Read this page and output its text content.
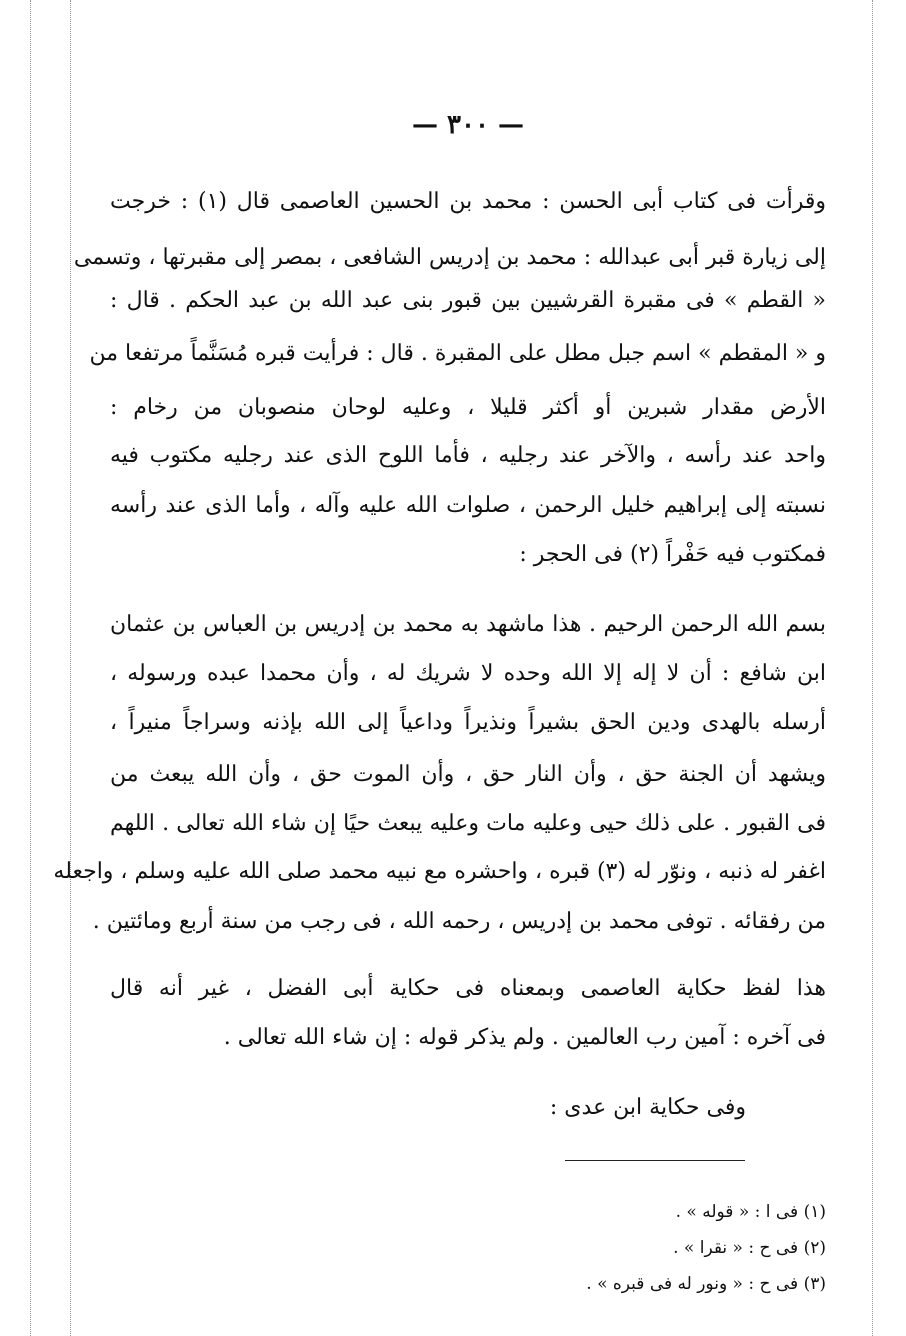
— ٣٠٠ —
وقرأت فى كتاب أبى الحسن : محمد بن الحسين العاصمى قال (١) : خرجت
إلى زيارة قبر أبى عبدالله : محمد بن إدريس الشافعى ، بمصر إلى مقبرتها ، وتسمى
« القطم » فى مقبرة القرشيين بين قبور بنى عبد الله بن عبد الحكم . قال :
و « المقطم » اسم جبل مطل على المقبرة . قال : فرأيت قبره مُسَنَّماً مرتفعا من
الأرض مقدار شبرين أو أكثر قليلا ، وعليه لوحان منصوبان من رخام :
واحد عند رأسه ، والآخر عند رجليه ، فأما اللوح الذى عند رجليه مكتوب فيه
نسبته إلى إبراهيم خليل الرحمن ، صلوات الله عليه وآله ، وأما الذى عند رأسه
فمكتوب فيه حَفْراً (٢) فى الحجر :
بسم الله الرحمن الرحيم . هذا ماشهد به محمد بن إدريس بن العباس بن عثمان
ابن شافع : أن لا إله إلا الله وحده لا شريك له ، وأن محمدا عبده ورسوله ،
أرسله بالهدى ودين الحق بشيراً ونذيراً وداعياً إلى الله بإذنه وسراجاً منيراً ،
ويشهد أن الجنة حق ، وأن النار حق ، وأن الموت حق ، وأن الله يبعث من
فى القبور . على ذلك حيى وعليه مات وعليه يبعث حيًا إن شاء الله تعالى . اللهم
اغفر له ذنبه ، ونوّر له (٣) قبره ، واحشره مع نبيه محمد صلى الله عليه وسلم ، واجعله
من رفقائه . توفى محمد بن إدريس ، رحمه الله ، فى رجب من سنة أربع ومائتين .
هذا لفظ حكاية العاصمى وبمعناه فى حكاية أبى الفضل ، غير أنه قال
فى آخره : آمين رب العالمين . ولم يذكر قوله : إن شاء الله تعالى .
وفى حكاية ابن عدى :
(١) فى ا : « قوله » .
(٢) فى ح : « نقرا » .
(٣) فى ح : « ونور له فى قبره » .
